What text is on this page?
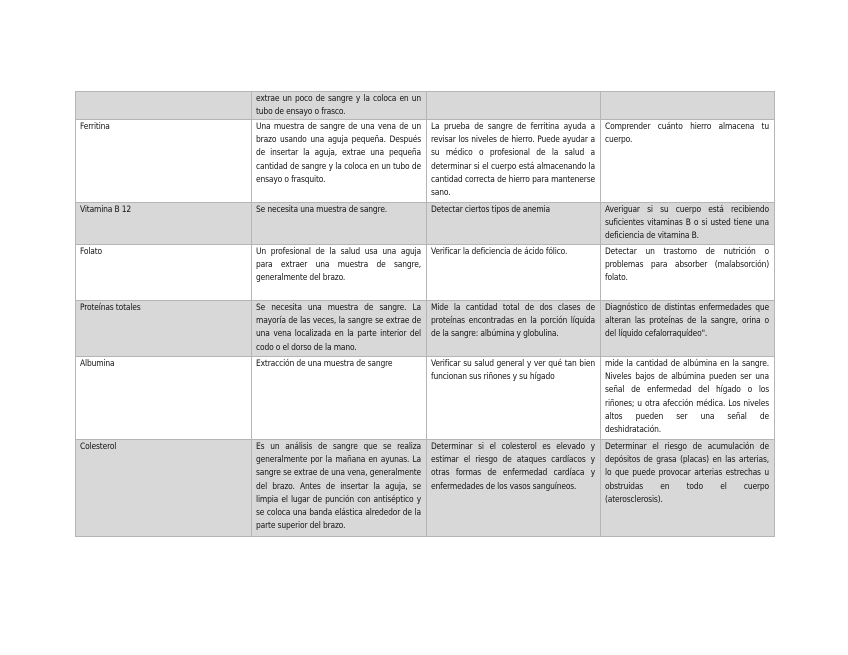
	extrae un poco de sangre y la coloca en un tubo de ensayo o frasco.		
Ferritina	Una muestra de sangre de una vena de un brazo usando una aguja pequeña. Después de insertar la aguja, extrae una pequeña cantidad de sangre y la coloca en un tubo de ensayo o frasquito.	La prueba de sangre de ferritina ayuda a revisar los niveles de hierro. Puede ayudar a su médico o profesional de la salud a determinar si el cuerpo está almacenando la cantidad correcta de hierro para mantenerse sano.	Comprender cuánto hierro almacena tu cuerpo.
Vitamina B 12	Se necesita una muestra de sangre.	Detectar ciertos tipos de anemia	Averiguar si su cuerpo está recibiendo suficientes vitaminas B o si usted tiene una deficiencia de vitamina B.
Folato	Un profesional de la salud usa una aguja para extraer una muestra de sangre, generalmente del brazo.	Verificar la deficiencia de ácido fólico.	Detectar un trastorno de nutrición o problemas para absorber (malabsorción) folato.
Proteínas totales	Se necesita una muestra de sangre. La mayoría de las veces, la sangre se extrae de una vena localizada en la parte interior del codo o el dorso de la mano.	Mide la cantidad total de dos clases de proteínas encontradas en la porción líquida de la sangre: albúmina y globulina.	Diagnóstico de distintas enfermedades que alteran las proteínas de la sangre, orina o del líquido cefalorraquídeo".
Albumina	Extracción de una muestra de sangre	Verificar su salud general y ver qué tan bien funcionan sus riñones y su hígado	mide la cantidad de albúmina en la sangre. Niveles bajos de albúmina pueden ser una señal de enfermedad del hígado o los riñones; u otra afección médica. Los niveles altos pueden ser una señal de deshidratación.
Colesterol	Es un análisis de sangre que se realiza generalmente por la mañana en ayunas. La sangre se extrae de una vena, generalmente del brazo. Antes de insertar la aguja, se limpia el lugar de punción con antiséptico y se coloca una banda elástica alrededor de la parte superior del brazo.	Determinar si el colesterol es elevado y estimar el riesgo de ataques cardíacos y otras formas de enfermedad cardíaca y enfermedades de los vasos sanguíneos.	Determinar el riesgo de acumulación de depósitos de grasa (placas) en las arterias, lo que puede provocar arterias estrechas u obstruidas en todo el cuerpo (aterosclerosis).
